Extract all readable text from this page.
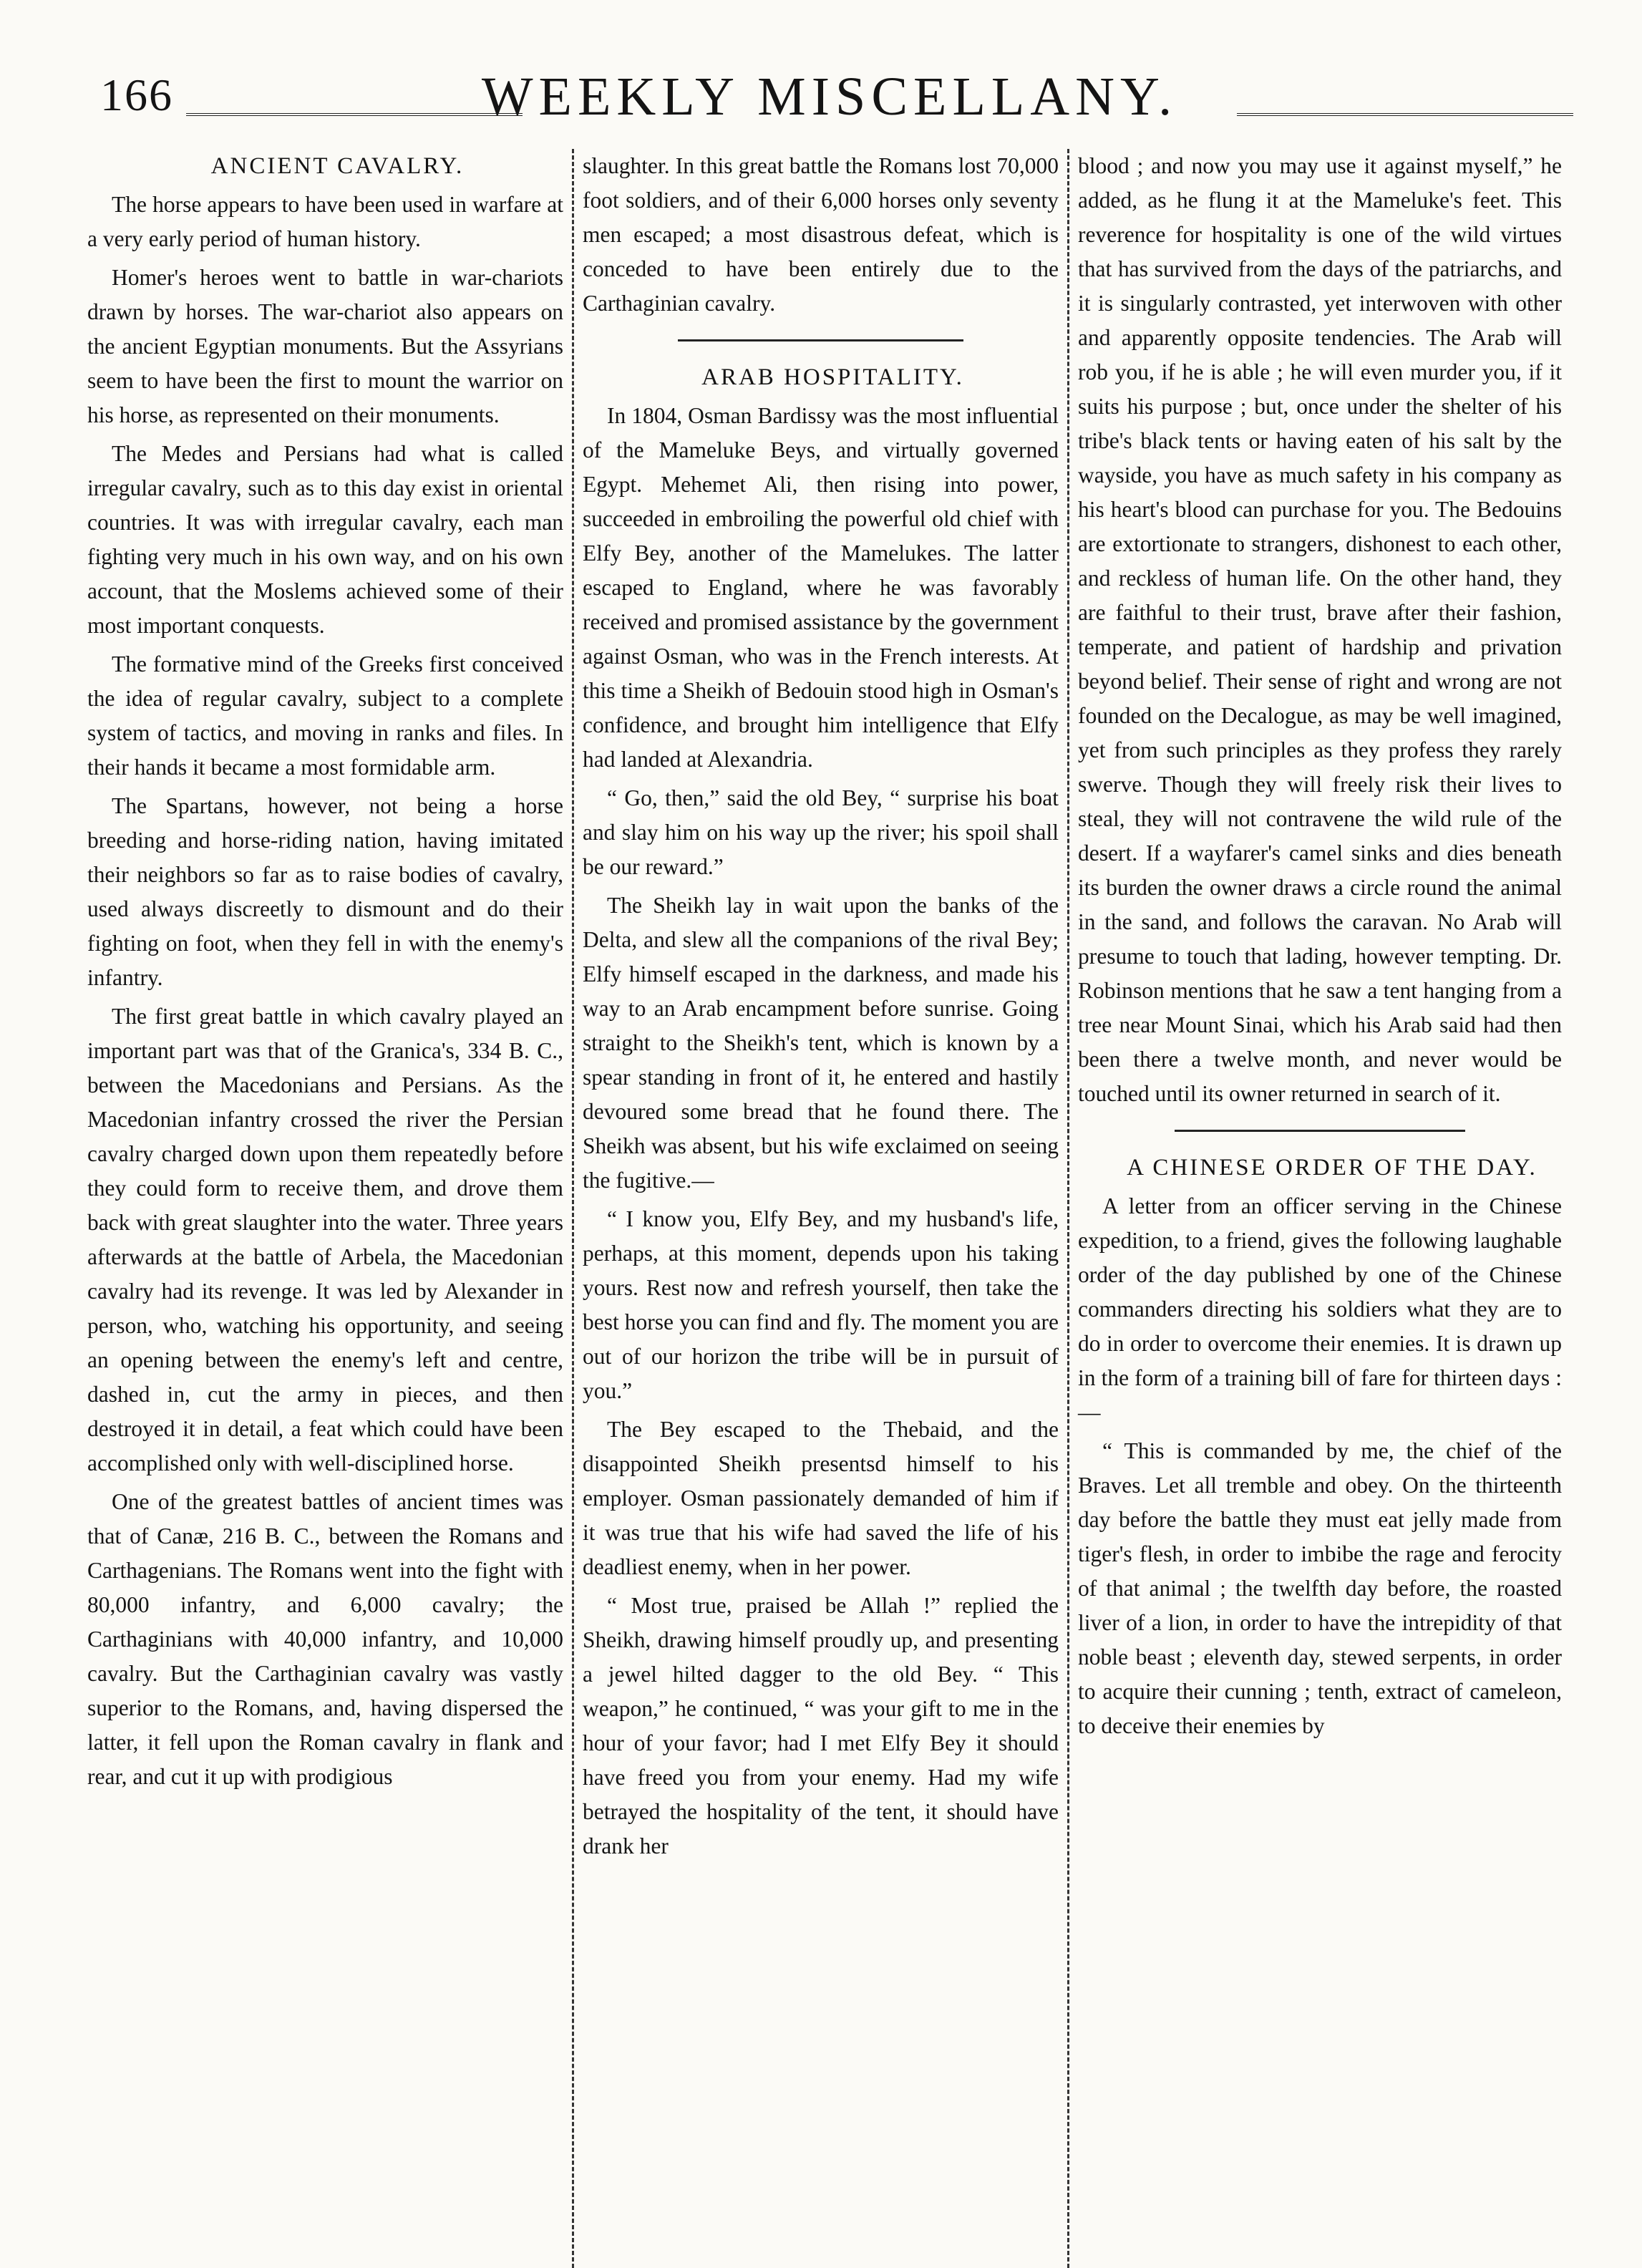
166	WEEKLY MISCELLANY.

ANCIENT CAVALRY.

The horse appears to have been used in warfare at a very early period of human history.

Homer's heroes went to battle in war-chariots drawn by horses. The war-chariot also appears on the ancient Egyptian monuments. But the Assyrians seem to have been the first to mount the warrior on his horse, as represented on their monuments.

The Medes and Persians had what is called irregular cavalry, such as to this day exist in oriental countries. It was with irregular cavalry, each man fighting very much in his own way, and on his own account, that the Moslems achieved some of their most important conquests.

The formative mind of the Greeks first conceived the idea of regular cavalry, subject to a complete system of tactics, and moving in ranks and files. In their hands it became a most formidable arm.

The Spartans, however, not being a horse breeding and horse-riding nation, having imitated their neighbors so far as to raise bodies of cavalry, used always discreetly to dismount and do their fighting on foot, when they fell in with the enemy's infantry.

The first great battle in which cavalry played an important part was that of the Granica's, 334 B. C., between the Macedonians and Persians. As the Macedonian infantry crossed the river the Persian cavalry charged down upon them repeatedly before they could form to receive them, and drove them back with great slaughter into the water. Three years afterwards at the battle of Arbela, the Macedonian cavalry had its revenge. It was led by Alexander in person, who, watching his opportunity, and seeing an opening between the enemy's left and centre, dashed in, cut the army in pieces, and then destroyed it in detail, a feat which could have been accomplished only with well-disciplined horse.

One of the greatest battles of ancient times was that of Canæ, 216 B. C., between the Romans and Carthagenians. The Romans went into the fight with 80,000 infantry, and 6,000 cavalry; the Carthaginians with 40,000 infantry, and 10,000 cavalry. But the Carthaginian cavalry was vastly superior to the Romans, and, having dispersed the latter, it fell upon the Roman cavalry in flank and rear, and cut it up with prodigious

slaughter. In this great battle the Romans lost 70,000 foot soldiers, and of their 6,000 horses only seventy men escaped; a most disastrous defeat, which is conceded to have been entirely due to the Carthaginian cavalry.

ARAB HOSPITALITY.

In 1804, Osman Bardissy was the most influential of the Mameluke Beys, and virtually governed Egypt. Mehemet Ali, then rising into power, succeeded in embroiling the powerful old chief with Elfy Bey, another of the Mamelukes. The latter escaped to England, where he was favorably received and promised assistance by the government against Osman, who was in the French interests. At this time a Sheikh of Bedouin stood high in Osman's confidence, and brought him intelligence that Elfy had landed at Alexandria.

“ Go, then,” said the old Bey, “ surprise his boat and slay him on his way up the river; his spoil shall be our reward.”

The Sheikh lay in wait upon the banks of the Delta, and slew all the companions of the rival Bey; Elfy himself escaped in the darkness, and made his way to an Arab encampment before sunrise. Going straight to the Sheikh's tent, which is known by a spear standing in front of it, he entered and hastily devoured some bread that he found there. The Sheikh was absent, but his wife exclaimed on seeing the fugitive.—

“ I know you, Elfy Bey, and my husband's life, perhaps, at this moment, depends upon his taking yours. Rest now and refresh yourself, then take the best horse you can find and fly. The moment you are out of our horizon the tribe will be in pursuit of you.”

The Bey escaped to the Thebaid, and the disappointed Sheikh presentsd himself to his employer. Osman passionately demanded of him if it was true that his wife had saved the life of his deadliest enemy, when in her power.

“ Most true, praised be Allah !” replied the Sheikh, drawing himself proudly up, and presenting a jewel hilted dagger to the old Bey. “ This weapon,” he continued, “ was your gift to me in the hour of your favor; had I met Elfy Bey it should have freed you from your enemy. Had my wife betrayed the hospitality of the tent, it should have drank her

blood ; and now you may use it against myself,” he added, as he flung it at the Mameluke's feet. This reverence for hospitality is one of the wild virtues that has survived from the days of the patriarchs, and it is singularly contrasted, yet interwoven with other and apparently opposite tendencies. The Arab will rob you, if he is able ; he will even murder you, if it suits his purpose ; but, once under the shelter of his tribe's black tents or having eaten of his salt by the wayside, you have as much safety in his company as his heart's blood can purchase for you. The Bedouins are extortionate to strangers, dishonest to each other, and reckless of human life. On the other hand, they are faithful to their trust, brave after their fashion, temperate, and patient of hardship and privation beyond belief. Their sense of right and wrong are not founded on the Decalogue, as may be well imagined, yet from such principles as they profess they rarely swerve. Though they will freely risk their lives to steal, they will not contravene the wild rule of the desert. If a wayfarer's camel sinks and dies beneath its burden the owner draws a circle round the animal in the sand, and follows the caravan. No Arab will presume to touch that lading, however tempting. Dr. Robinson mentions that he saw a tent hanging from a tree near Mount Sinai, which his Arab said had then been there a twelve month, and never would be touched until its owner returned in search of it.

A CHINESE ORDER OF THE DAY.

A letter from an officer serving in the Chinese expedition, to a friend, gives the following laughable order of the day published by one of the Chinese commanders directing his soldiers what they are to do in order to overcome their enemies. It is drawn up in the form of a training bill of fare for thirteen days :—

“ This is commanded by me, the chief of the Braves. Let all tremble and obey. On the thirteenth day before the battle they must eat jelly made from tiger's flesh, in order to imbibe the rage and ferocity of that animal ; the twelfth day before, the roasted liver of a lion, in order to have the intrepidity of that noble beast ; eleventh day, stewed serpents, in order to acquire their cunning ; tenth, extract of cameleon, to deceive their enemies by
